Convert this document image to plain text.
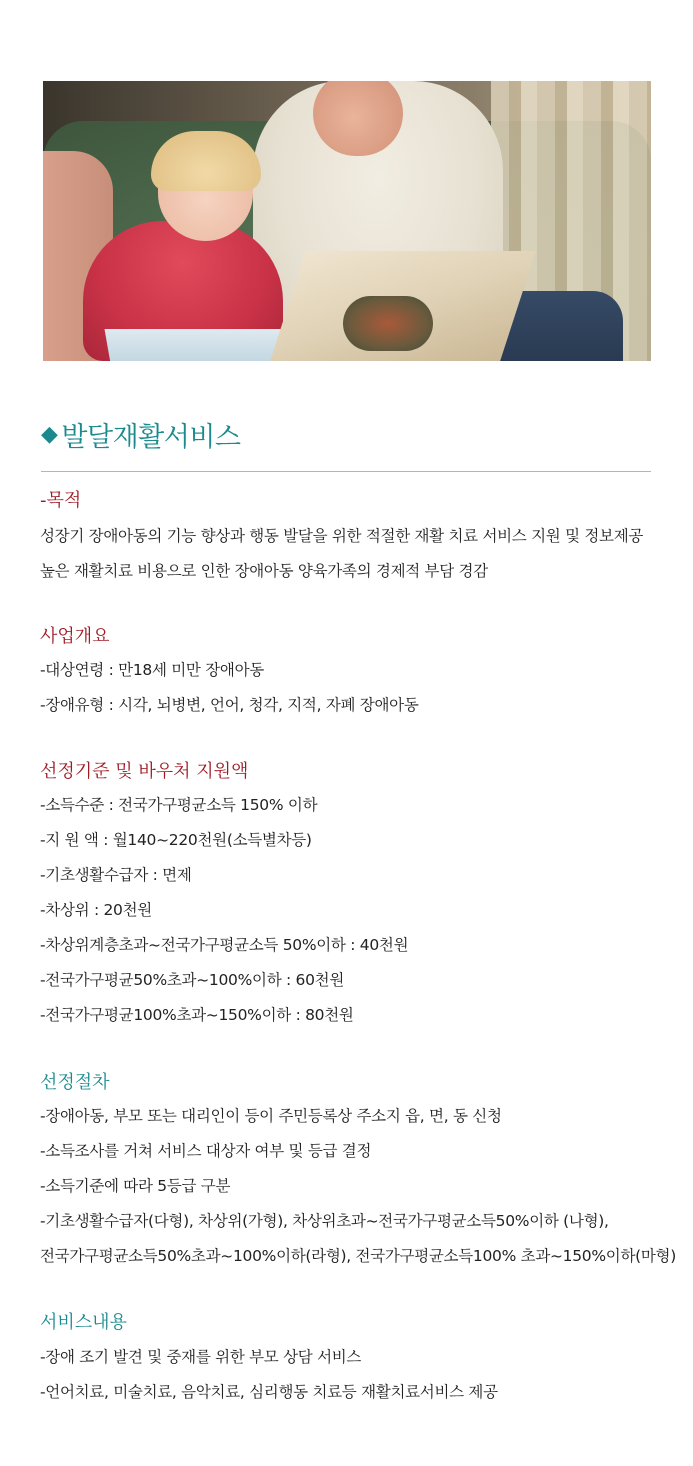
◆ 발달재활서비스
-목적

성장기 장애아동의 기능 향상과 행동 발달을 위한 적절한 재활 치료 서비스 지원 및 정보제공

높은 재활치료 비용으로 인한 장애아동 양육가족의 경제적 부담 경감

사업개요

-대상연령 : 만18세 미만 장애아동

-장애유형 : 시각, 뇌병변, 언어, 청각, 지적, 자폐 장애아동

선정기준 및 바우처 지원액

-소득수준 : 전국가구평균소득 150% 이하

-지 원 액 : 월140~220천원(소득별차등)

-기초생활수급자 : 면제

-차상위 : 20천원

-차상위계층초과~전국가구평균소득 50%이하 : 40천원

-전국가구평균50%초과~100%이하 : 60천원

-전국가구평균100%초과~150%이하 : 80천원

선정절차

-장애아동, 부모 또는 대리인이 등이 주민등록상 주소지 읍, 면, 동 신청

-소득조사를 거쳐 서비스 대상자 여부 및 등급 결정

-소득기준에 따라 5등급 구분

-기초생활수급자(다형), 차상위(가형), 차상위초과~전국가구평균소득50%이하 (나형),

전국가구평균소득50%초과~100%이하(라형), 전국가구평균소득100% 초과~150%이하(마형)

서비스내용

-장애 조기 발견 및 중재를 위한 부모 상담 서비스

-언어치료, 미술치료, 음악치료, 심리행동 치료등 재활치료서비스 제공
